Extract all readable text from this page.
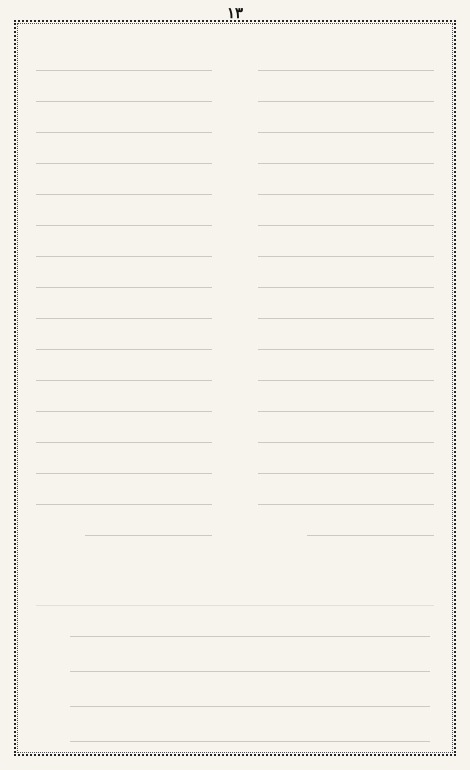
١٣
